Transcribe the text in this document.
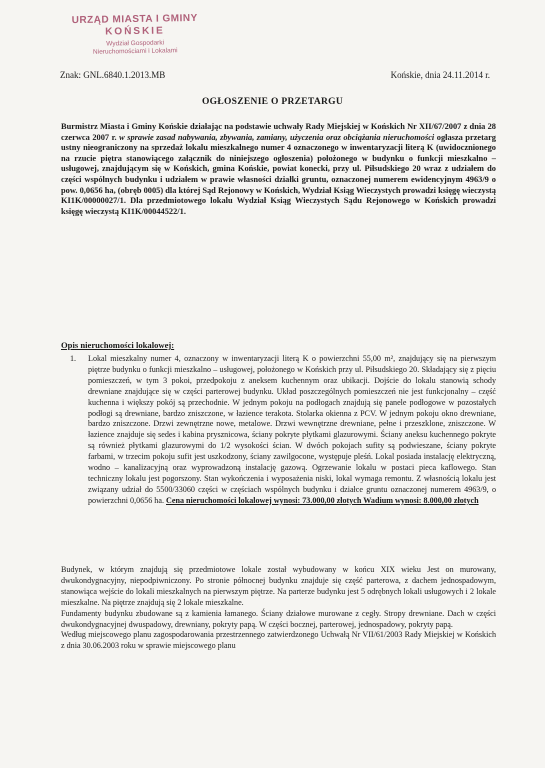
URZĄD MIASTA I GMINY
KOŃSKIE
Wydział Gospodarki
Nieruchomościami i Lokalami
Znak: GNL.6840.1.2013.MB	Końskie, dnia 24.11.2014 r.
OGŁOSZENIE O PRZETARGU
Burmistrz Miasta i Gminy Końskie działając na podstawie uchwały Rady Miejskiej w Końskich Nr XII/67/2007 z dnia 28 czerwca 2007 r. w sprawie zasad nabywania, zbywania, zamiany, użyczenia oraz obciążania nieruchomości ogłasza przetarg ustny nieograniczony na sprzedaż lokalu mieszkalnego numer 4 oznaczonego w inwentaryzacji literą K (uwidocznionego na rzucie piętra stanowiącego załącznik do niniejszego ogłoszenia) położonego w budynku o funkcji mieszkalno – usługowej, znajdującym się w Końskich, gmina Końskie, powiat konecki, przy ul. Piłsudskiego 20 wraz z udziałem do części wspólnych budynku i udziałem w prawie własności działki gruntu, oznaczonej numerem ewidencyjnym 4963/9 o pow. 0,0656 ha, (obręb 0005) dla której Sąd Rejonowy w Końskich, Wydział Ksiąg Wieczystych prowadzi księgę wieczystą KI1K/00000027/1. Dla przedmiotowego lokalu Wydział Ksiąg Wieczystych Sądu Rejonowego w Końskich prowadzi księgę wieczystą KI1K/00044522/1.
Opis nieruchomości lokalowej:
1. Lokal mieszkalny numer 4, oznaczony w inwentaryzacji literą K o powierzchni 55,00 m², znajdujący się na pierwszym piętrze budynku o funkcji mieszkalno – usługowej, położonego w Końskich przy ul. Piłsudskiego 20. Składający się z pięciu pomieszczeń, w tym 3 pokoi, przedpokoju z aneksem kuchennym oraz ubikacji. Dojście do lokalu stanowią schody drewniane znajdujące się w części parterowej budynku. Układ poszczególnych pomieszczeń nie jest funkcjonalny – część kuchenna i większy pokój są przechodnie. W jednym pokoju na podłogach znajdują się panele podłogowe w pozostałych podłogi są drewniane, bardzo zniszczone, w łazience terakota. Stolarka okienna z PCV. W jednym pokoju okno drewniane, bardzo zniszczone. Drzwi zewnętrzne nowe, metalowe. Drzwi wewnętrzne drewniane, pełne i przeszklone, zniszczone. W łazience znajduje się sedes i kabina prysznicowa, ściany pokryte płytkami glazurowymi. Ściany aneksu kuchennego pokryte są również płytkami glazurowymi do 1/2 wysokości ścian. W dwóch pokojach sufity są podwieszane, ściany pokryte farbami, w trzecim pokoju sufit jest uszkodzony, ściany zawilgocone, występuje pleśń. Lokal posiada instalację elektryczną, wodno – kanalizacyjną oraz wyprowadzoną instalację gazową. Ogrzewanie lokalu w postaci pieca kaflowego. Stan techniczny lokalu jest pogorszony. Stan wykończenia i wyposażenia niski, lokal wymaga remontu. Z własnością lokalu jest związany udział do 5500/33060 części w częściach wspólnych budynku i działce gruntu oznaczonej numerem 4963/9, o powierzchni 0,0656 ha. Cena nieruchomości lokalowej wynosi: 73.000,00 złotych Wadium wynosi: 8.000,00 złotych

Budynek, w którym znajdują się przedmiotowe lokale został wybudowany w końcu XIX wieku Jest on murowany, dwukondygnacyjny, niepodpiwniczony. Po stronie północnej budynku znajduje się część parterowa, z dachem jednospadowym, stanowiąca wejście do lokali mieszkalnych na pierwszym piętrze. Na parterze budynku jest 5 odrębnych lokali usługowych i 2 lokale mieszkalne. Na piętrze znajdują się 2 lokale mieszkalne.

Fundamenty budynku zbudowane są z kamienia łamanego. Ściany działowe murowane z cegły. Stropy drewniane. Dach w części dwukondygnacyjnej dwuspadowy, drewniany, pokryty papą. W części bocznej, parterowej, jednospadowy, pokryty papą.

Według miejscowego planu zagospodarowania przestrzennego zatwierdzonego Uchwałą Nr VII/61/2003 Rady Miejskiej w Końskich z dnia 30.06.2003 roku w sprawie miejscowego planu
